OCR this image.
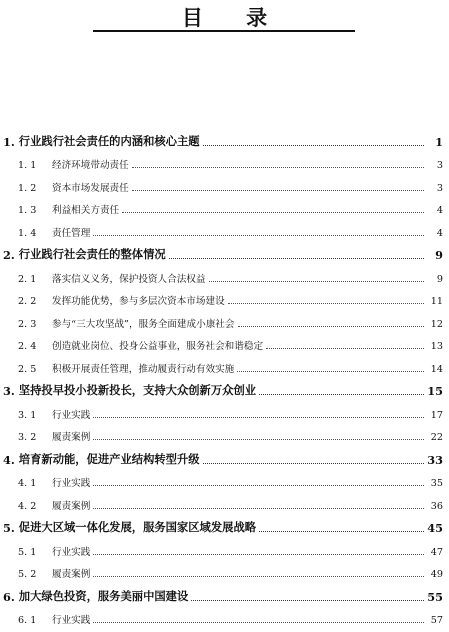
目 录
1. 行业践行社会责任的内涵和核心主题	1
1. 1	经济环境带动责任	3
1. 2	资本市场发展责任	3
1. 3	利益相关方责任	4
1. 4	责任管理	4
2. 行业践行社会责任的整体情况	9
2. 1	落实信义义务，保护投资人合法权益	9
2. 2	发挥功能优势，参与多层次资本市场建设	11
2. 3	参与“三大攻坚战”，服务全面建成小康社会	12
2. 4	创造就业岗位、投身公益事业，服务社会和谐稳定	13
2. 5	积极开展责任管理，推动履责行动有效实施	14
3. 坚持投早投小投新投长，支持大众创新万众创业	15
3. 1	行业实践	17
3. 2	履责案例	22
4. 培育新动能，促进产业结构转型升级	33
4. 1	行业实践	35
4. 2	履责案例	36
5. 促进大区域一体化发展，服务国家区域发展战略	45
5. 1	行业实践	47
5. 2	履责案例	49
6. 加大绿色投资，服务美丽中国建设	55
6. 1	行业实践	57
